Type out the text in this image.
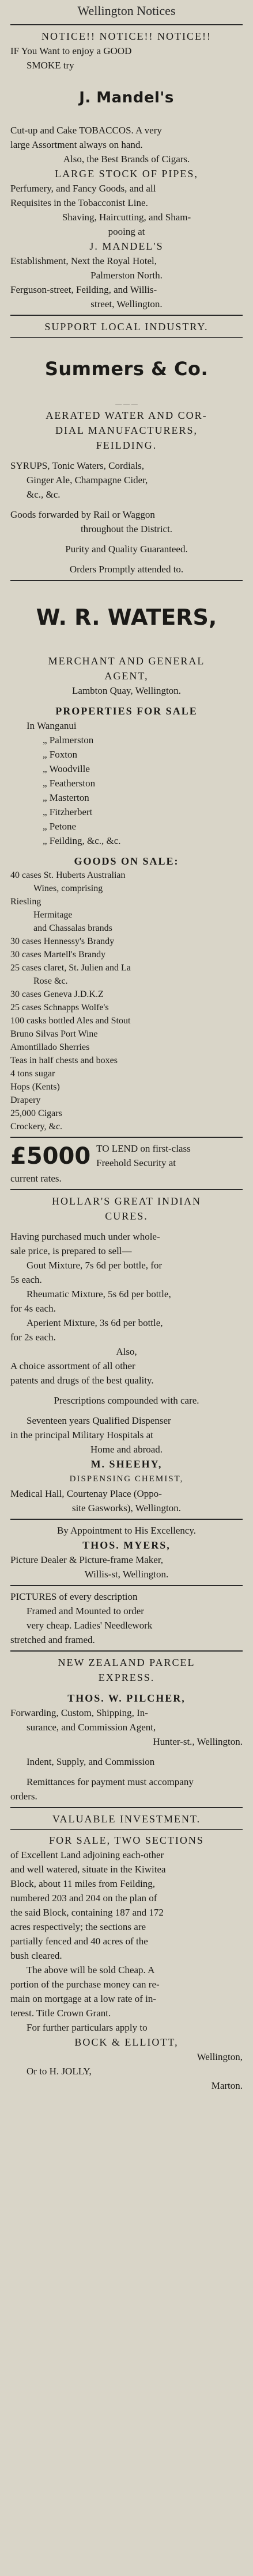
Wellington Notices

NOTICE!! NOTICE!! NOTICE!!

IF You Want to enjoy a GOOD

SMOKE try

J. Mandel's

Cut-up and Cake TOBACCOS. A very

large Assortment always on hand.

Also, the Best Brands of Cigars.

LARGE STOCK OF PIPES,

Perfumery, and Fancy Goods, and all

Requisites in the Tobacconist Line.

Shaving, Haircutting, and Sham-

pooing at

J. MANDEL'S

Establishment, Next the Royal Hotel,

Palmerston North.

Ferguson-street, Feilding, and Willis-

street, Wellington.

SUPPORT LOCAL INDUSTRY.

Summers & Co.

— — —

AERATED WATER AND COR-

DIAL MANUFACTURERS,

FEILDING.

SYRUPS, Tonic Waters, Cordials,

Ginger Ale, Champagne Cider,

&c., &c.

Goods forwarded by Rail or Waggon

throughout the District.

Purity and Quality Guaranteed.

Orders Promptly attended to.

W. R. WATERS,

MERCHANT AND GENERAL

AGENT,

Lambton Quay, Wellington.

PROPERTIES FOR SALE

In Wanganui

„ Palmerston

„ Foxton

„ Woodville

„ Featherston

„ Masterton

„ Fitzherbert

„ Petone

„ Feilding, &c., &c.

GOODS ON SALE:

40 cases St. Huberts Australian

Wines, comprising

Riesling

Hermitage

and Chassalas brands

30 cases Hennessy's Brandy

30 cases Martell's Brandy

25 cases claret, St. Julien and La

Rose &c.

30 cases Geneva J.D.K.Z

25 cases Schnapps Wolfe's

100 casks bottled Ales and Stout

Bruno Silvas Port Wine

Amontillado Sherries

Teas in half chests and boxes

4 tons sugar

Hops (Kents)

Drapery

25,000 Cigars

Crockery, &c.

£5000 TO LEND on first-class

Freehold Security at

current rates.

HOLLAR'S GREAT INDIAN

CURES.

Having purchased much under whole-

sale price, is prepared to sell—

Gout Mixture, 7s 6d per bottle, for

5s each.

Rheumatic Mixture, 5s 6d per bottle,

for 4s each.

Aperient Mixture, 3s 6d per bottle,

for 2s each.

Also,

A choice assortment of all other

patents and drugs of the best quality.

Prescriptions compounded with care.

Seventeen years Qualified Dispenser

in the principal Military Hospitals at

Home and abroad.

M. SHEEHY,

DISPENSING CHEMIST,

Medical Hall, Courtenay Place (Oppo-

site Gasworks), Wellington.

By Appointment to His Excellency.

THOS. MYERS,

Picture Dealer & Picture-frame Maker,

Willis-st, Wellington.

PICTURES of every description

Framed and Mounted to order

very cheap. Ladies' Needlework

stretched and framed.

NEW ZEALAND PARCEL

EXPRESS.

THOS. W. PILCHER,

Forwarding, Custom, Shipping, In-

surance, and Commission Agent,

Hunter-st., Wellington.

Indent, Supply, and Commission

Remittances for payment must accompany

orders.

VALUABLE INVESTMENT.

FOR SALE, TWO SECTIONS

of Excellent Land adjoining each-other

and well watered, situate in the Kiwitea

Block, about 11 miles from Feilding,

numbered 203 and 204 on the plan of

the said Block, containing 187 and 172

acres respectively; the sections are

partially fenced and 40 acres of the

bush cleared.

The above will be sold Cheap. A

portion of the purchase money can re-

main on mortgage at a low rate of in-

terest. Title Crown Grant.

For further particulars apply to

BOCK & ELLIOTT,

Wellington,

Or to H. JOLLY,

Marton.
